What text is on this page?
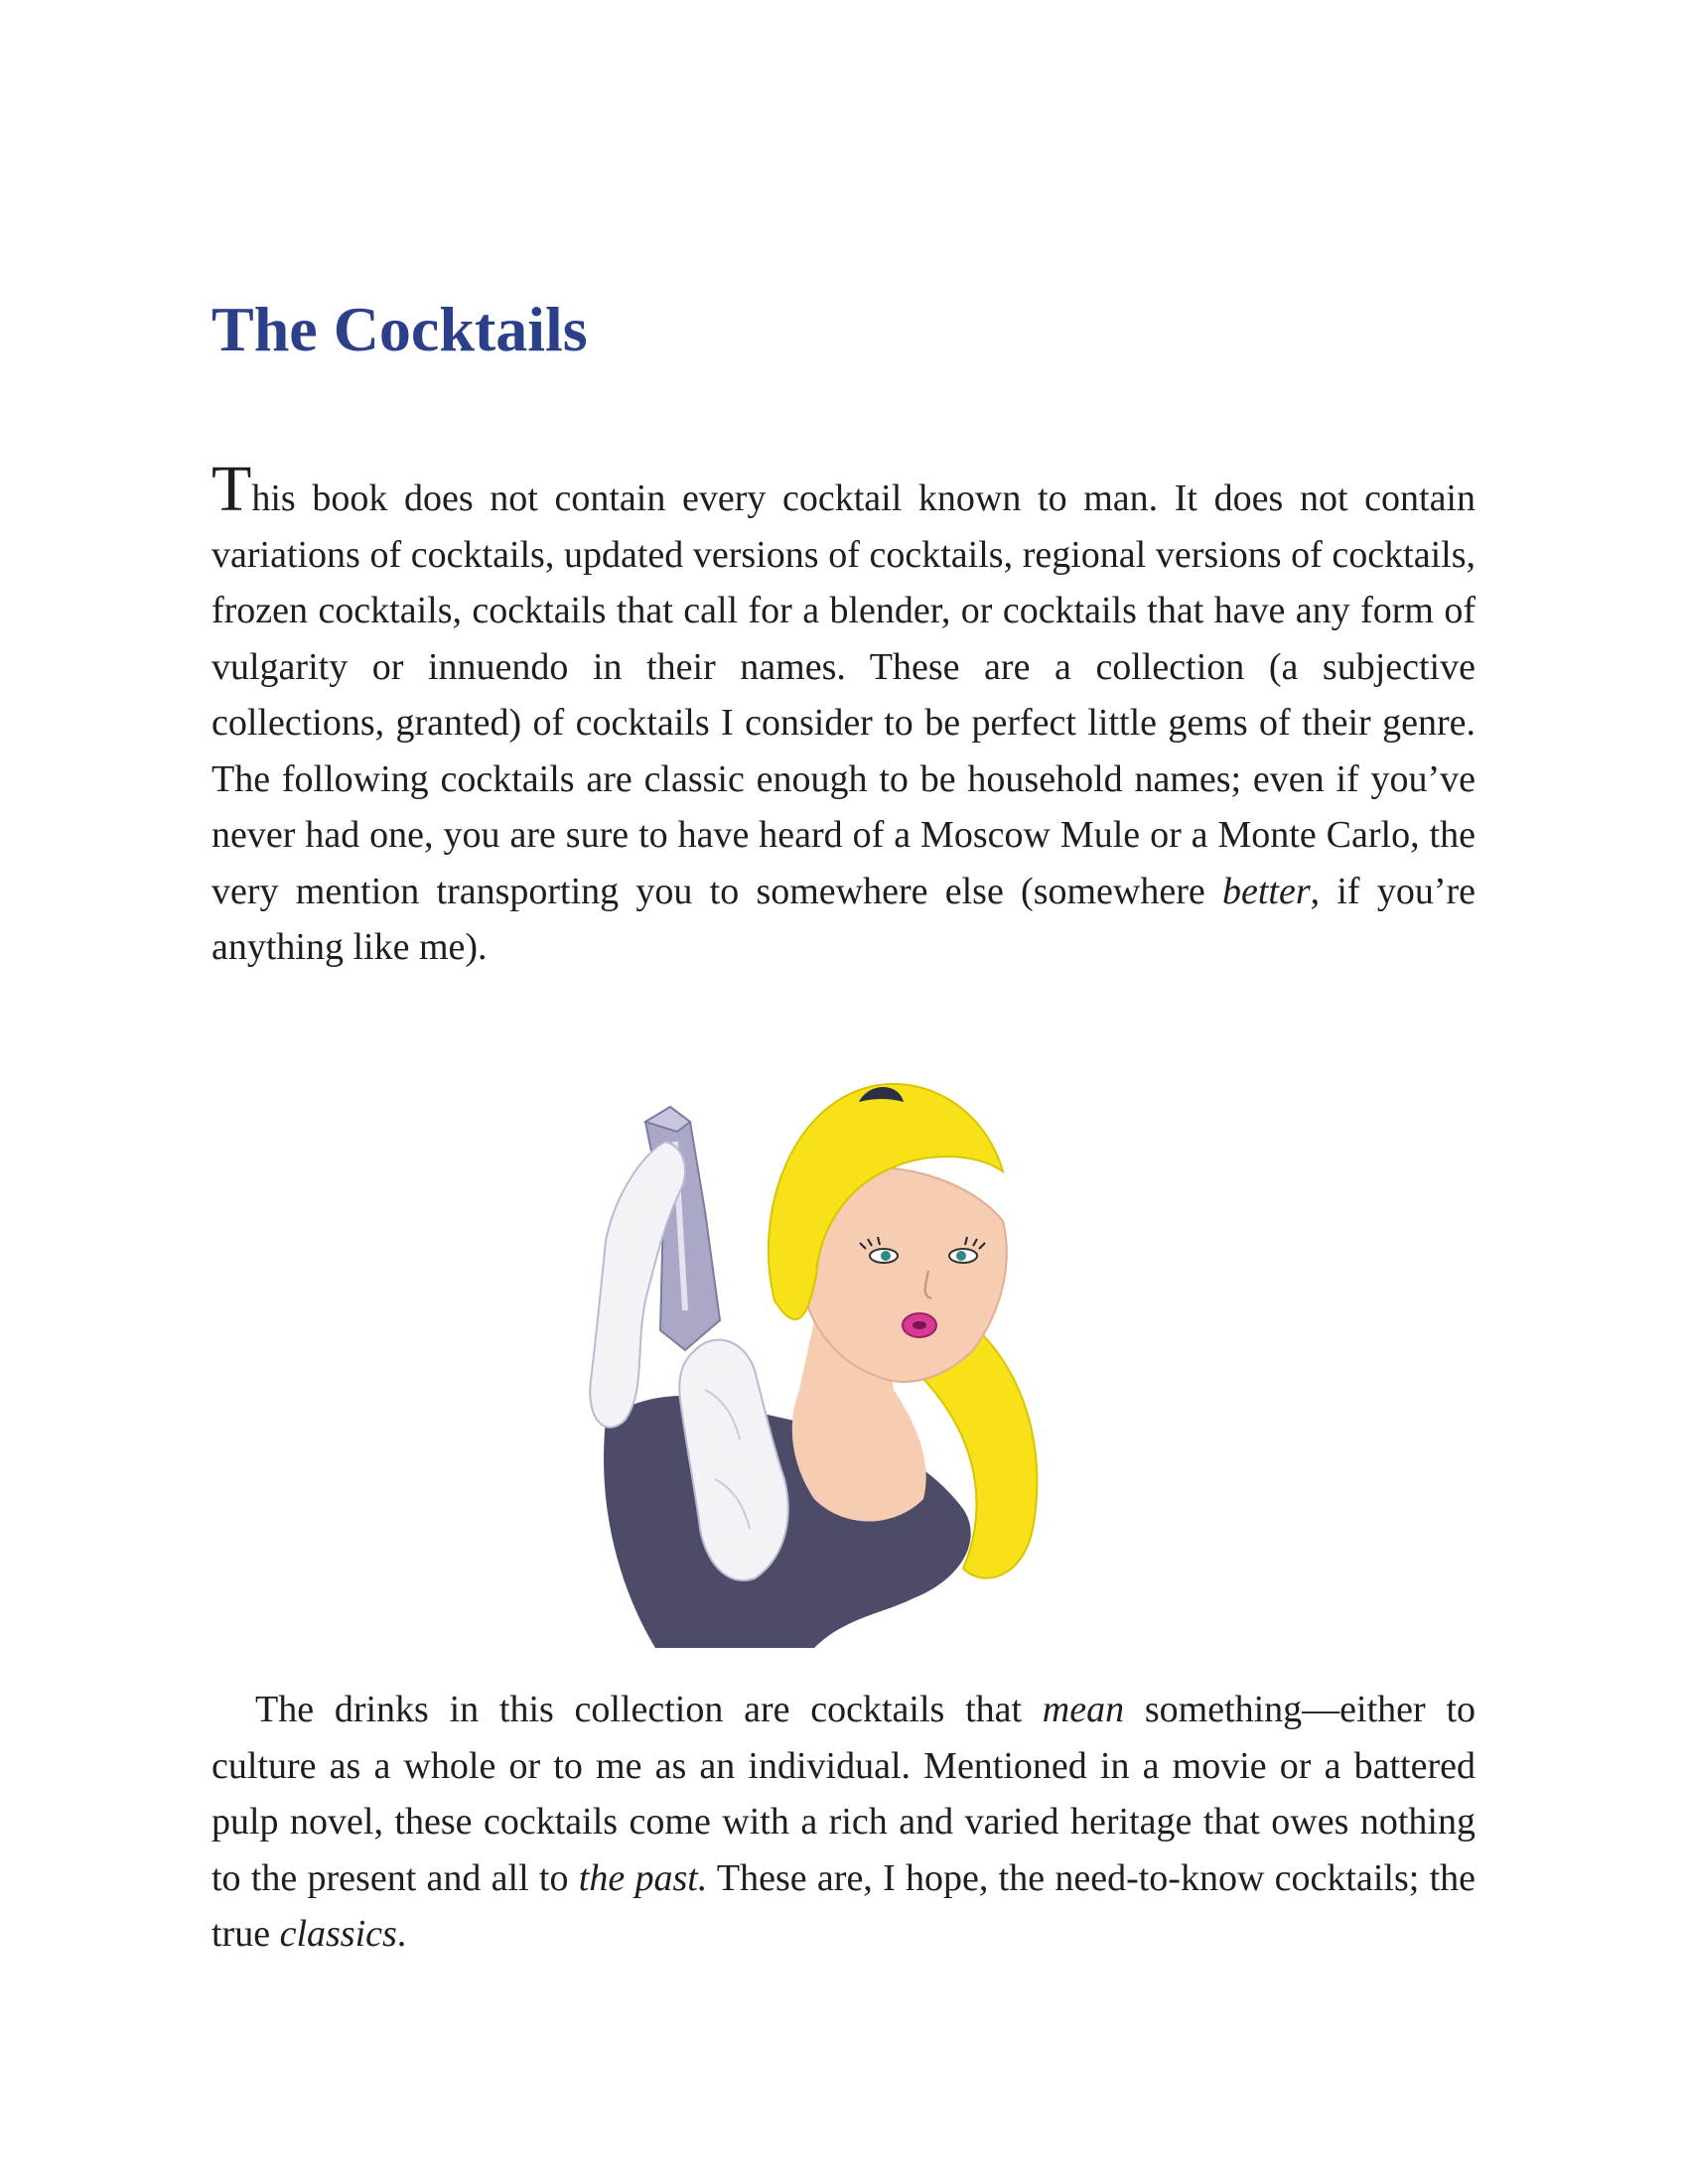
The Cocktails

This book does not contain every cocktail known to man. It does not contain variations of cocktails, updated versions of cocktails, regional versions of cocktails, frozen cocktails, cocktails that call for a blender, or cocktails that have any form of vulgarity or innuendo in their names. These are a collection (a subjective collections, granted) of cocktails I consider to be perfect little gems of their genre. The following cocktails are classic enough to be household names; even if you’ve never had one, you are sure to have heard of a Moscow Mule or a Monte Carlo, the very mention transporting you to somewhere else (somewhere better, if you’re anything like me).

The drinks in this collection are cocktails that mean something—either to culture as a whole or to me as an individual. Mentioned in a movie or a battered pulp novel, these cocktails come with a rich and varied heritage that owes nothing to the present and all to the past. These are, I hope, the need-to-know cocktails; the true classics.
